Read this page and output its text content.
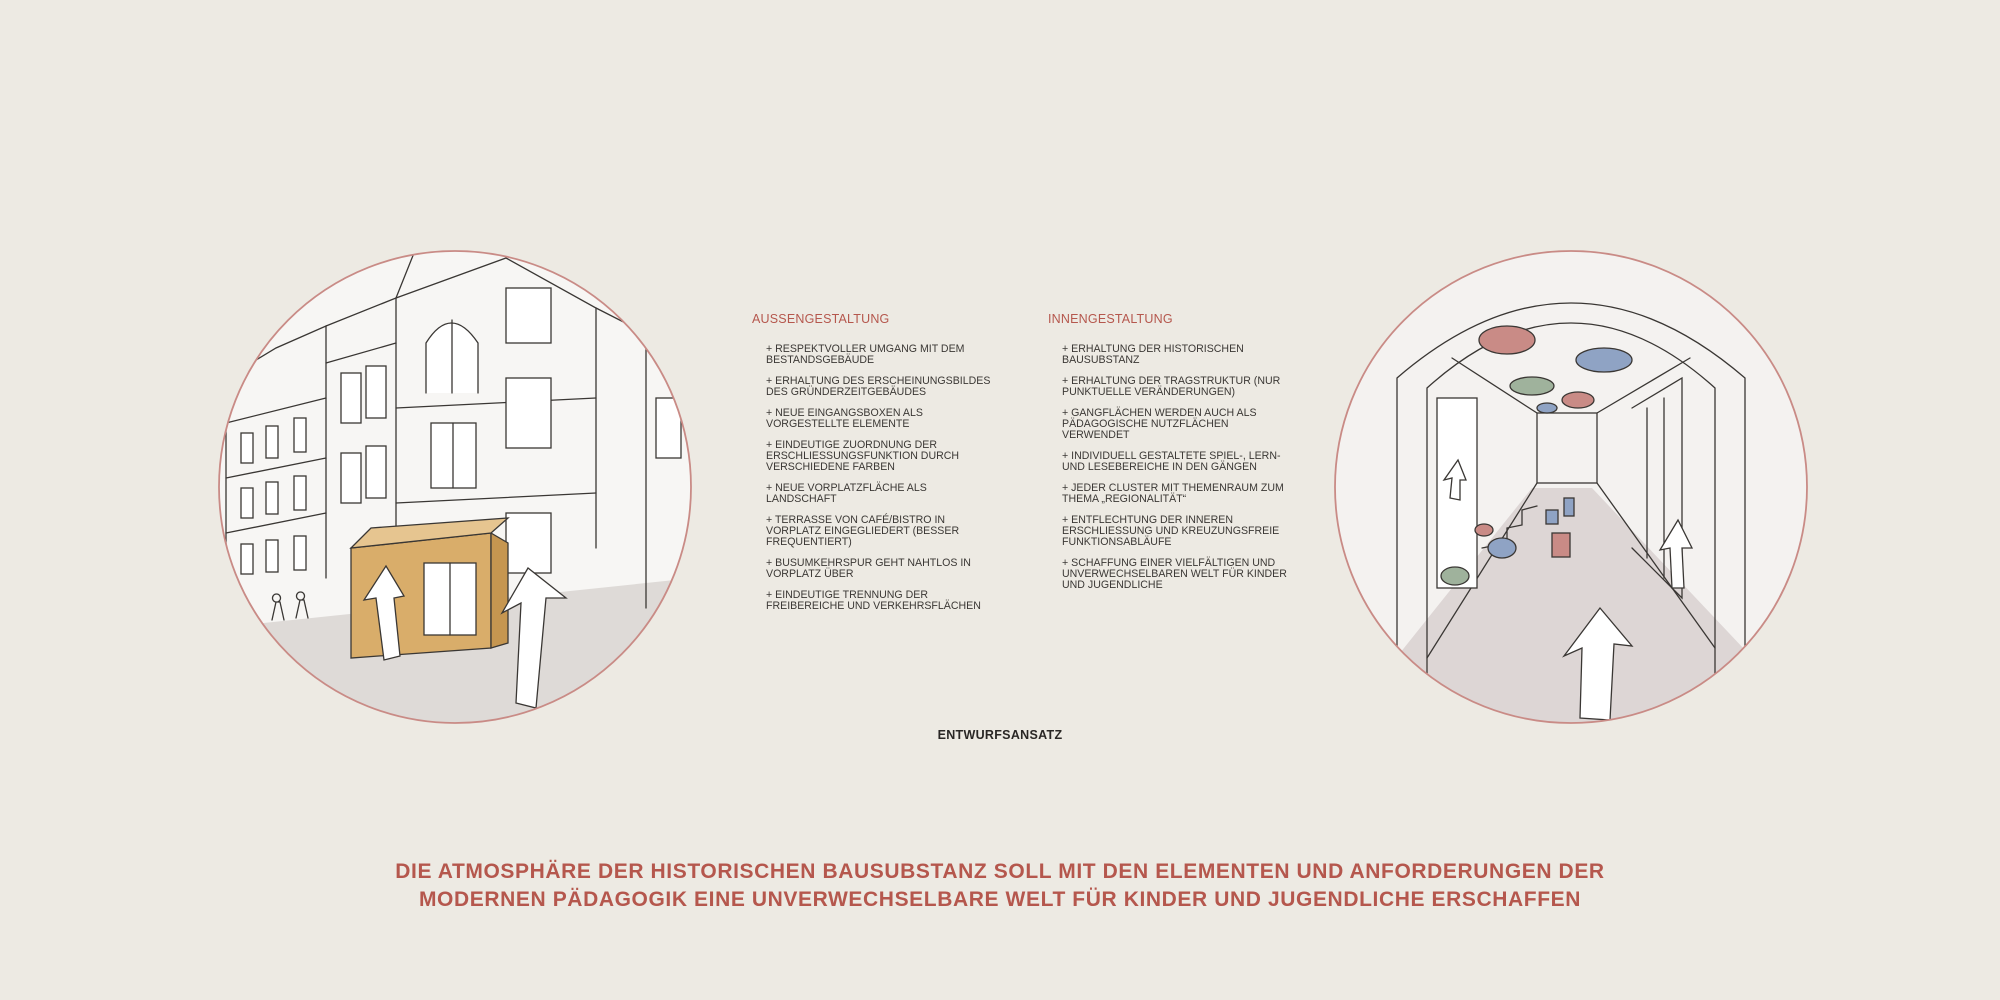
AUSSENGESTALTUNG
+ RESPEKTVOLLER UMGANG MIT DEM BESTANDSGEBÄUDE
+ ERHALTUNG DES ERSCHEINUNGSBILDES DES GRÜNDERZEITGEBÄUDES
+ NEUE EINGANGSBOXEN ALS VORGESTELLTE ELEMENTE
+ EINDEUTIGE ZUORDNUNG DER ERSCHLIESSUNGSFUNKTION DURCH VERSCHIEDENE FARBEN
+ NEUE VORPLATZFLÄCHE ALS LANDSCHAFT
+ TERRASSE VON CAFÉ/BISTRO IN VORPLATZ EINGEGLIEDERT (BESSER FREQUENTIERT)
+ BUSUMKEHRSPUR GEHT NAHTLOS IN VORPLATZ ÜBER
+ EINDEUTIGE TRENNUNG DER FREIBEREICHE UND VERKEHRSFLÄCHEN
INNENGESTALTUNG
+ ERHALTUNG DER HISTORISCHEN BAUSUBSTANZ
+ ERHALTUNG DER TRAGSTRUKTUR (NUR PUNKTUELLE VERÄNDERUNGEN)
+ GANGFLÄCHEN WERDEN AUCH ALS PÄDAGOGISCHE NUTZFLÄCHEN VERWENDET
+ INDIVIDUELL GESTALTETE SPIEL-, LERN- UND LESEBEREICHE IN DEN GÄNGEN
+ JEDER CLUSTER MIT THEMENRAUM ZUM THEMA „REGIONALITÄT“
+ ENTFLECHTUNG DER INNEREN ERSCHLIESSUNG UND KREUZUNGSFREIE FUNKTIONSABLÄUFE
+ SCHAFFUNG EINER VIELFÄLTIGEN UND UNVERWECHSELBAREN WELT FÜR KINDER UND JUGENDLICHE
ENTWURFSANSATZ
DIE ATMOSPHÄRE DER HISTORISCHEN BAUSUBSTANZ SOLL MIT DEN ELEMENTEN UND ANFORDERUNGEN DER
MODERNEN PÄDAGOGIK EINE UNVERWECHSELBARE WELT FÜR KINDER UND JUGENDLICHE ERSCHAFFEN
